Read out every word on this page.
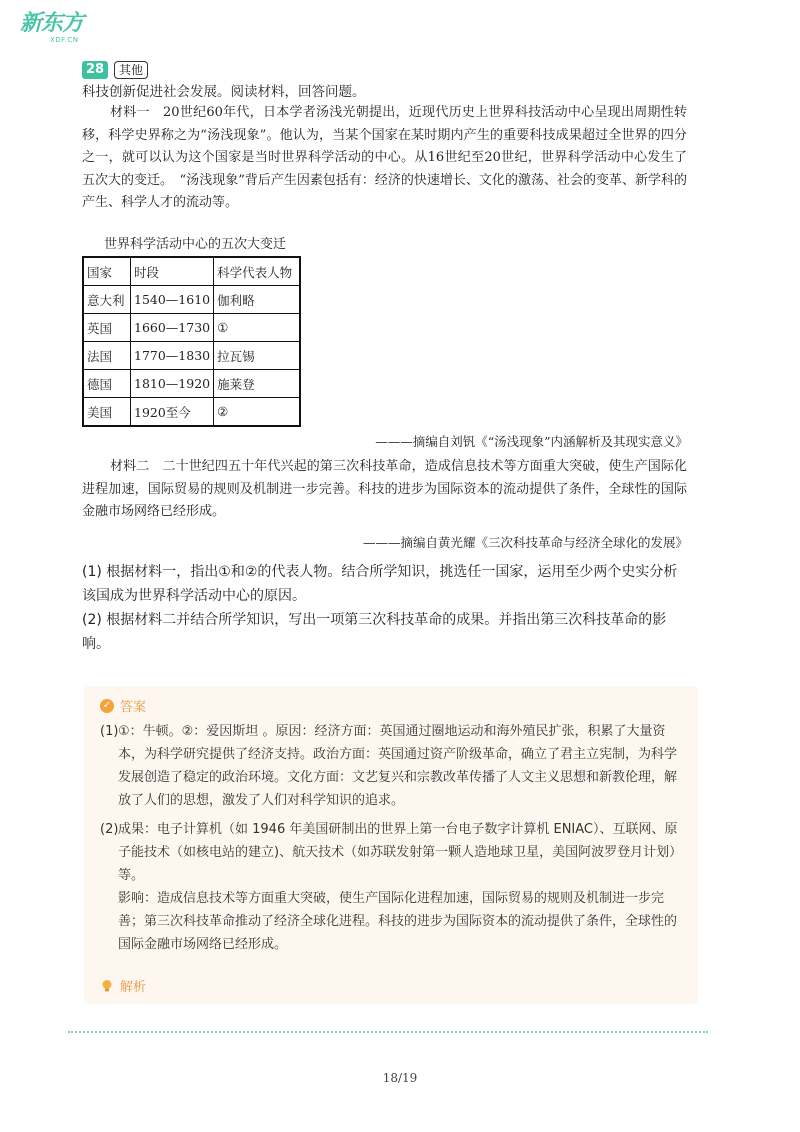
新东方
XDF.CN
28	其他
科技创新促进社会发展。阅读材料，回答问题。
材料一　20世纪60年代，日本学者汤浅光朝提出，近现代历史上世界科技活动中心呈现出周期性转移，科学史界称之为“汤浅现象”。他认为，当某个国家在某时期内产生的重要科技成果超过全世界的四分之一，就可以认为这个国家是当时世界科学活动的中心。从16世纪至20世纪，世界科学活动中心发生了五次大的变迁。　“汤浅现象”背后产生因素包括有：经济的快速增长、文化的激荡、社会的变革、新学科的产生、科学人才的流动等。
世界科学活动中心的五次大变迁
国家	时段	科学代表人物
意大利	1540—1610	伽利略
英国	1660—1730	①
法国	1770—1830	拉瓦锡
德国	1810—1920	施莱登
美国	1920至今	②
———摘编自刘钒《“汤浅现象”内涵解析及其现实意义》
材料二　二十世纪四五十年代兴起的第三次科技革命，造成信息技术等方面重大突破，使生产国际化进程加速，国际贸易的规则及机制进一步完善。科技的进步为国际资本的流动提供了条件，全球性的国际金融市场网络已经形成。
———摘编自黄光耀《三次科技革命与经济全球化的发展》
(1) 根据材料一，指出①和②的代表人物。结合所学知识，挑选任一国家，运用至少两个史实分析该国成为世界科学活动中心的原因。
(2) 根据材料二并结合所学知识，写出一项第三次科技革命的成果。并指出第三次科技革命的影响。
✓ 答案
(1) ①：牛顿。②：爱因斯坦 。原因：经济方面：英国通过圈地运动和海外殖民扩张，积累了大量资本，为科学研究提供了经济支持。政治方面：英国通过资产阶级革命，确立了君主立宪制，为科学发展创造了稳定的政治环境。文化方面：文艺复兴和宗教改革传播了人文主义思想和新教伦理，解放了人们的思想，激发了人们对科学知识的追求。
(2) 成果：电子计算机（如 1946 年美国研制出的世界上第一台电子数字计算机 ENIAC）、互联网、原子能技术（如核电站的建立)、航天技术（如苏联发射第一颗人造地球卫星，美国阿波罗登月计划）等。
影响：造成信息技术等方面重大突破，使生产国际化进程加速，国际贸易的规则及机制进一步完善；第三次科技革命推动了经济全球化进程。科技的进步为国际资本的流动提供了条件，全球性的国际金融市场网络已经形成。
解析
18/19
